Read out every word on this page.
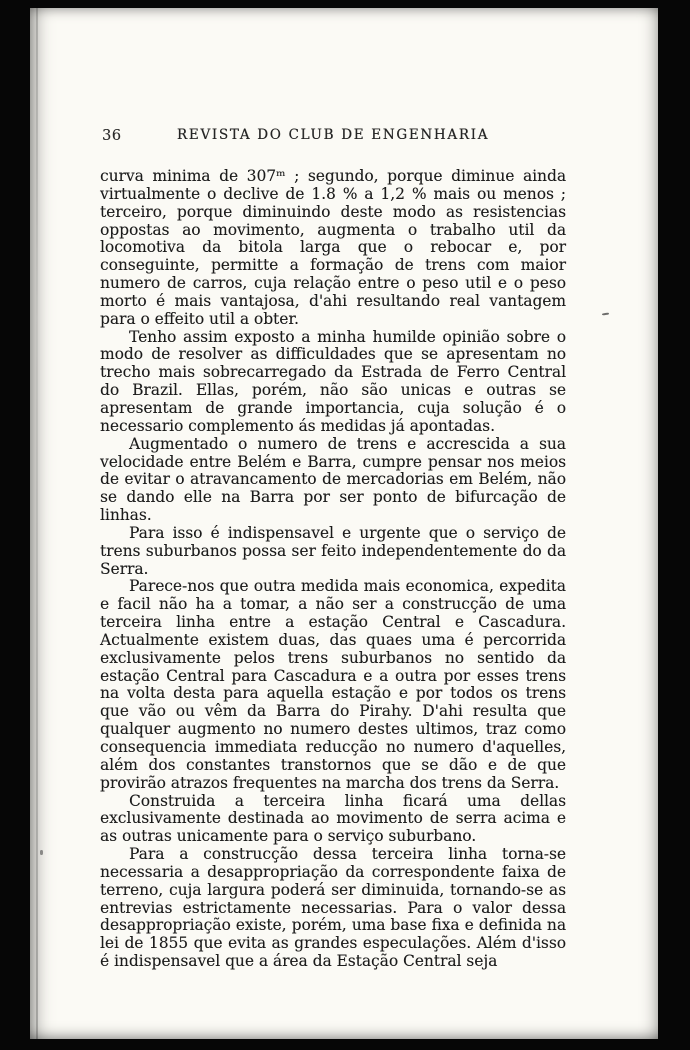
36	REVISTA DO CLUB DE ENGENHARIA

curva minima de 307ᵐ ; segundo, porque diminue ainda virtualmente o declive de 1.8 % a 1,2 % mais ou menos ; terceiro, porque diminuindo deste modo as resistencias oppostas ao movimento, augmenta o trabalho util da locomotiva da bitola larga que o rebocar e, por conseguinte, permitte a formação de trens com maior numero de carros, cuja relação entre o peso util e o peso morto é mais vantajosa, d'ahi resultando real vantagem para o effeito util a obter.

Tenho assim exposto a minha humilde opinião sobre o modo de resolver as difficuldades que se apresentam no trecho mais sobrecarregado da Estrada de Ferro Central do Brazil. Ellas, porém, não são unicas e outras se apresentam de grande importancia, cuja solução é o necessario complemento ás medidas já apontadas.

Augmentado o numero de trens e accrescida a sua velocidade entre Belém e Barra, cumpre pensar nos meios de evitar o atravancamento de mercadorias em Belém, não se dando elle na Barra por ser ponto de bifurcação de linhas.

Para isso é indispensavel e urgente que o serviço de trens suburbanos possa ser feito independentemente do da Serra.

Parece-nos que outra medida mais economica, expedita e facil não ha a tomar, a não ser a construcção de uma terceira linha entre a estação Central e Cascadura. Actualmente existem duas, das quaes uma é percorrida exclusivamente pelos trens suburbanos no sentido da estação Central para Cascadura e a outra por esses trens na volta desta para aquella estação e por todos os trens que vão ou vêm da Barra do Pirahy. D'ahi resulta que qualquer augmento no numero destes ultimos, traz como consequencia immediata reducção no numero d'aquelles, além dos constantes transtornos que se dão e de que provirão atrazos frequentes na marcha dos trens da Serra.

Construida a terceira linha ficará uma dellas exclusivamente destinada ao movimento de serra acima e as outras unicamente para o serviço suburbano.

Para a construcção dessa terceira linha torna-se necessaria a desappropriação da correspondente faixa de terreno, cuja largura poderá ser diminuida, tornando-se as entrevias estrictamente necessarias. Para o valor dessa desappropriação existe, porém, uma base fixa e definida na lei de 1855 que evita as grandes especulações. Além d'isso é indispensavel que a área da Estação Central seja
